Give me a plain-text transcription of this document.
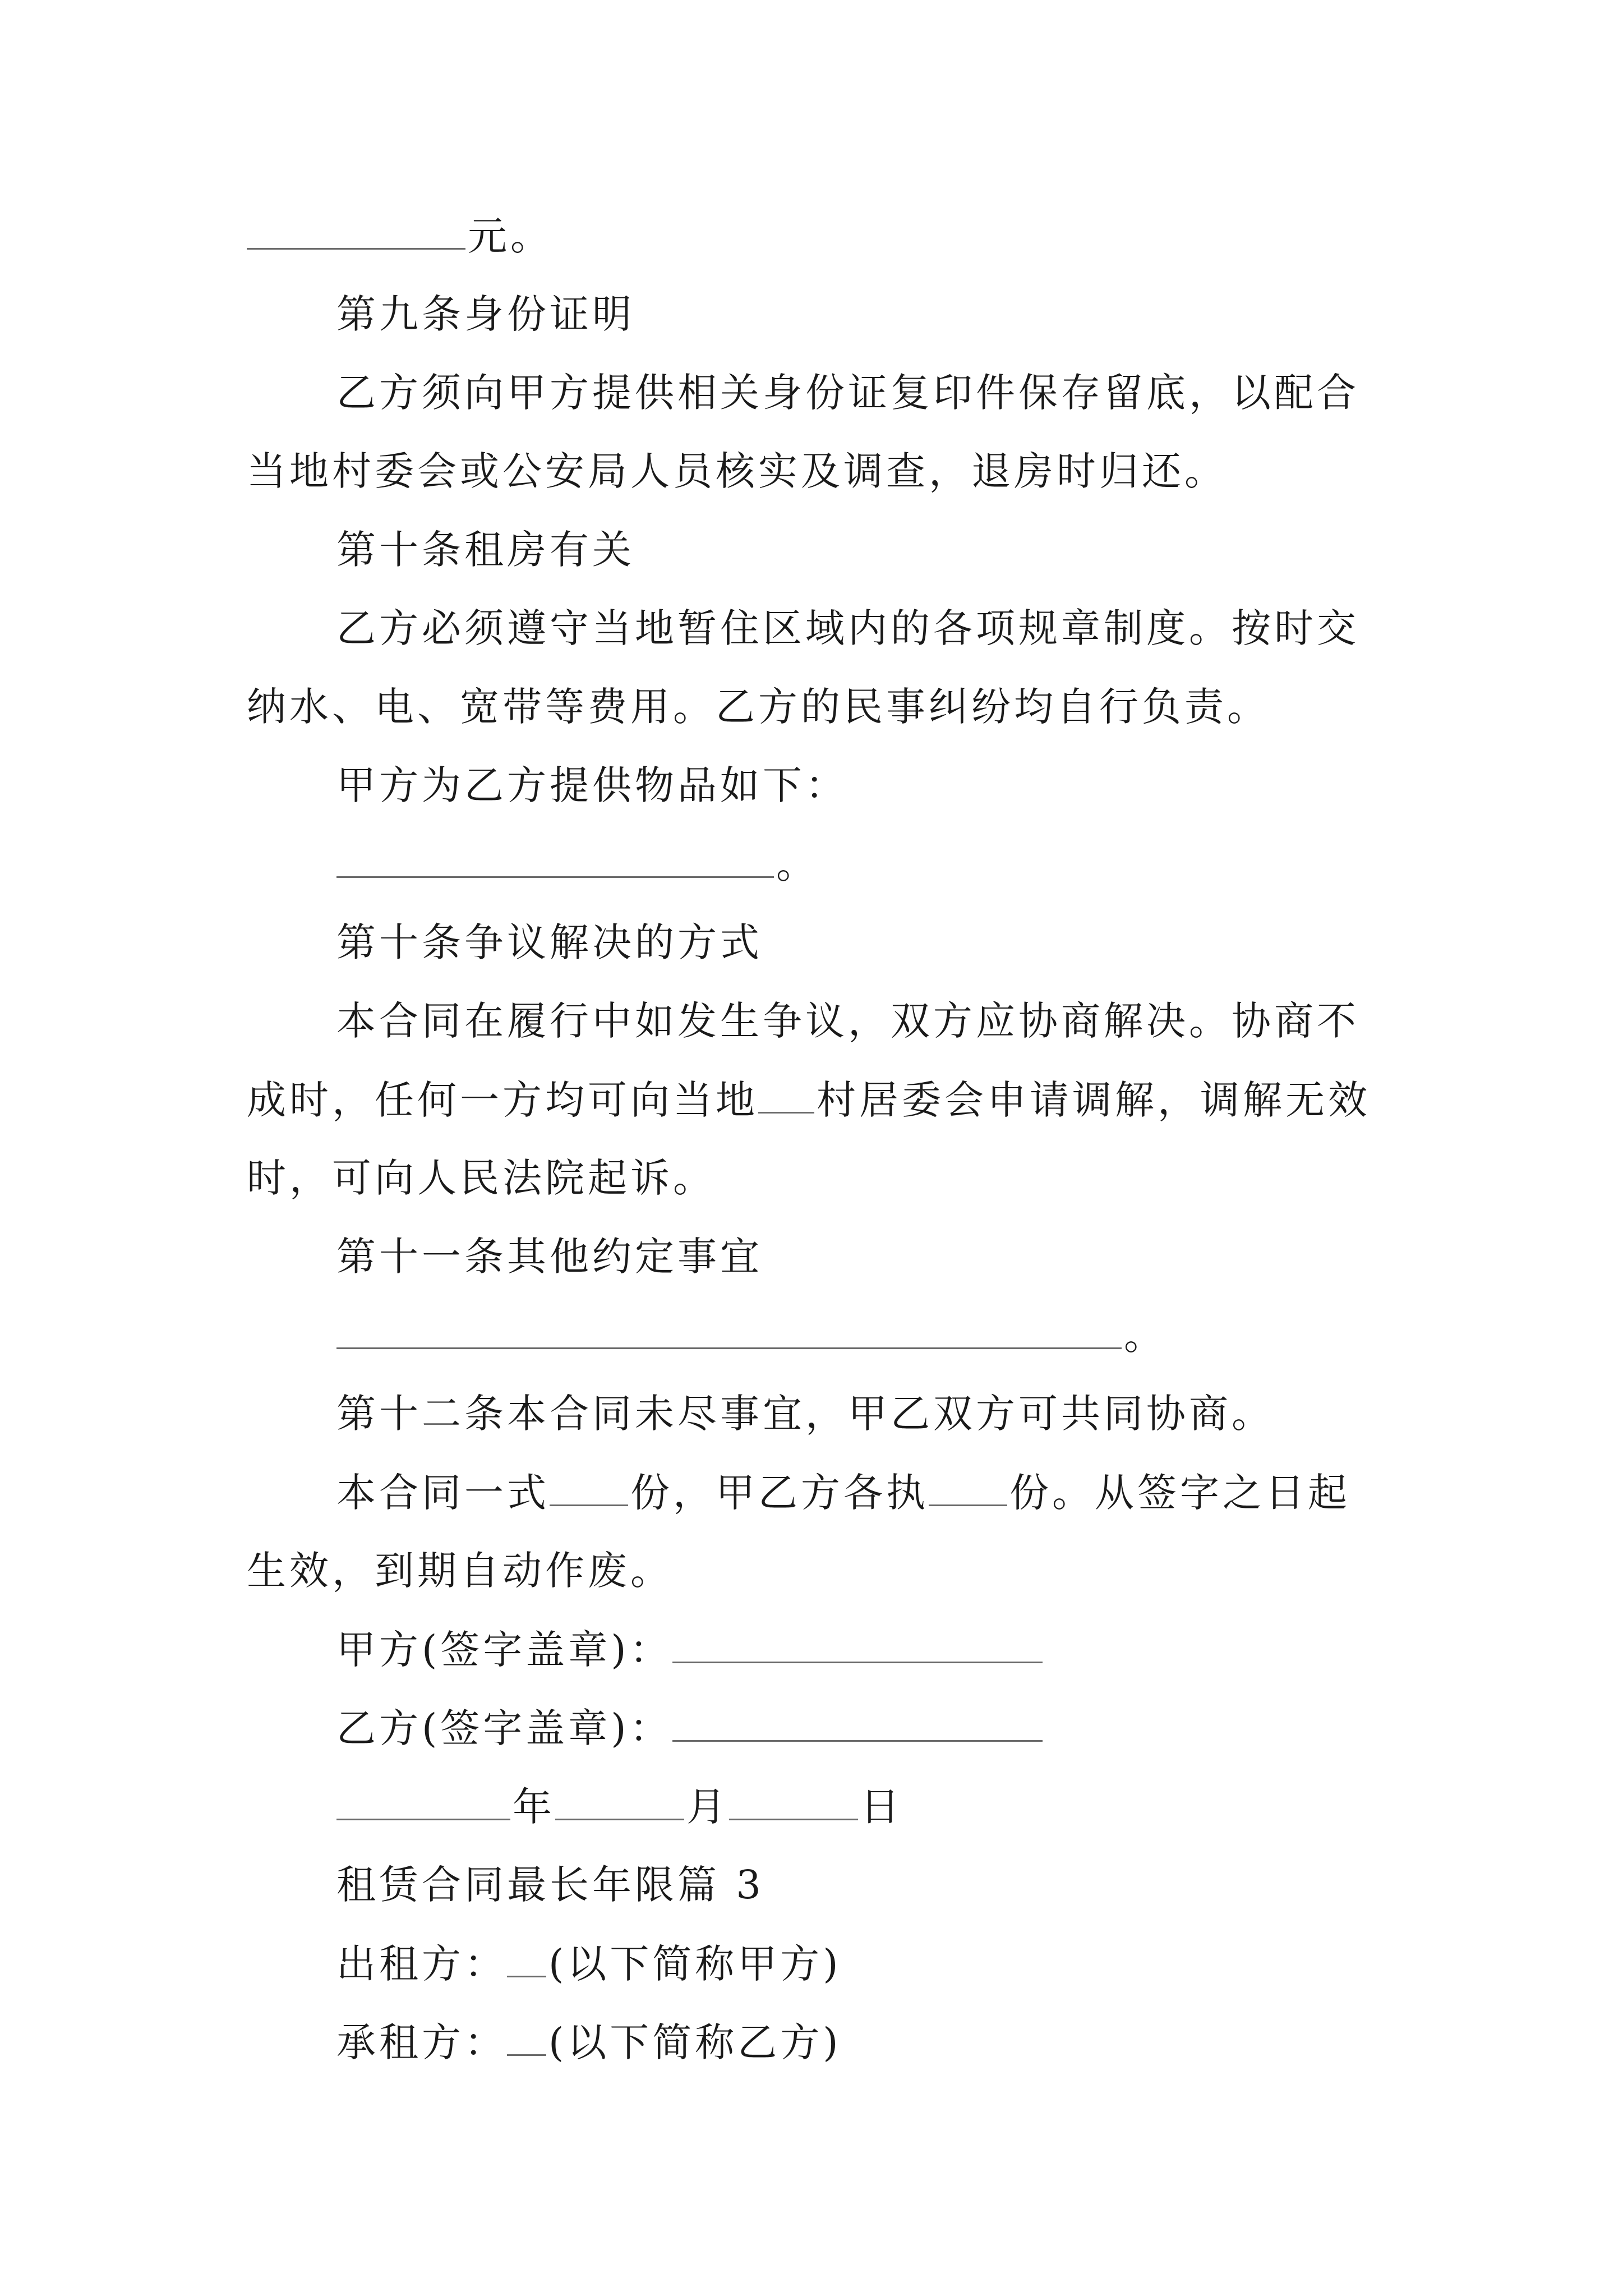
元。
第九条身份证明
乙方须向甲方提供相关身份证复印件保存留底，以配合
当地村委会或公安局人员核实及调查，退房时归还。
第十条租房有关
乙方必须遵守当地暂住区域内的各项规章制度。按时交
纳水、电、宽带等费用。乙方的民事纠纷均自行负责。
甲方为乙方提供物品如下：
。
第十条争议解决的方式
本合同在履行中如发生争议，双方应协商解决。协商不
成时，任何一方均可向当地 村居委会申请调解，调解无效
时，可向人民法院起诉。
第十一条其他约定事宜
。
第十二条本合同未尽事宜，甲乙双方可共同协商。
本合同一式 份，甲乙方各执 份。从签字之日起
生效，到期自动作废。
甲方(签字盖章)：
乙方(签字盖章)：
年	月	日
租赁合同最长年限篇 3
出租方： (以下简称甲方)
承租方： (以下简称乙方)
